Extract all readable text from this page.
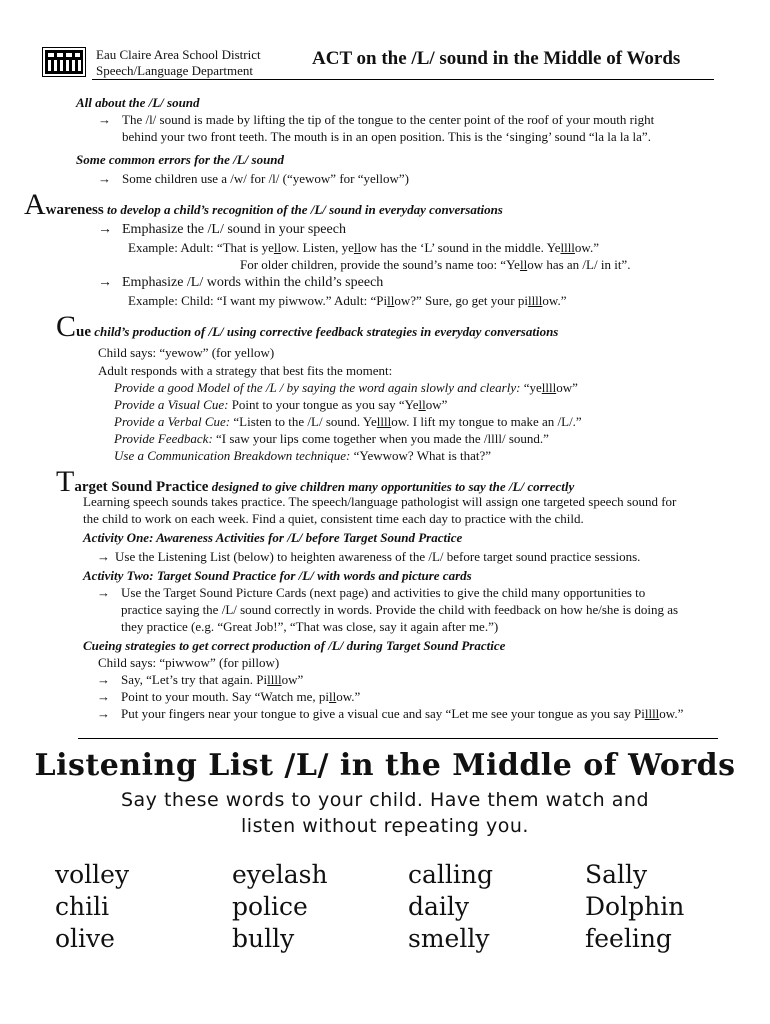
Eau Claire Area School District
Speech/Language Department
ACT on the /L/ sound in the Middle of Words
All about the /L/ sound
→ The /l/ sound is made by lifting the tip of the tongue to the center point of the roof of your mouth right
behind your two front teeth. The mouth is in an open position. This is the ‘singing’ sound “la la la la”.
Some common errors for the /L/ sound
→ Some children use a /w/ for /l/ (“yewow” for “yellow”)
Awareness to develop a child’s recognition of the /L/ sound in everyday conversations
→ Emphasize the /L/ sound in your speech
Example: Adult: “That is yellow. Listen, yellow has the ‘L’ sound in the middle. Yellllow.”
For older children, provide the sound’s name too: “Yellow has an /L/ in it”.
→ Emphasize /L/ words within the child’s speech
Example: Child: “I want my piwwow.” Adult: “Pillow?” Sure, go get your pillllow.”
Cue child’s production of /L/ using corrective feedback strategies in everyday conversations
Child says: “yewow” (for yellow)
Adult responds with a strategy that best fits the moment:
Provide a good Model of the /L / by saying the word again slowly and clearly: “yellllow”
Provide a Visual Cue: Point to your tongue as you say “Yellow”
Provide a Verbal Cue: “Listen to the /L/ sound. Yellllow. I lift my tongue to make an /L/.”
Provide Feedback: “I saw your lips come together when you made the /llll/ sound.”
Use a Communication Breakdown technique: “Yewwow? What is that?”
Target Sound Practice designed to give children many opportunities to say the /L/ correctly
Learning speech sounds takes practice. The speech/language pathologist will assign one targeted speech sound for
the child to work on each week. Find a quiet, consistent time each day to practice with the child.
Activity One: Awareness Activities for /L/ before Target Sound Practice
→ Use the Listening List (below) to heighten awareness of the /L/ before target sound practice sessions.
Activity Two: Target Sound Practice for /L/ with words and picture cards
→ Use the Target Sound Picture Cards (next page) and activities to give the child many opportunities to
practice saying the /L/ sound correctly in words. Provide the child with feedback on how he/she is doing as
they practice (e.g. “Great Job!”, “That was close, say it again after me.”)
Cueing strategies to get correct production of /L/ during Target Sound Practice
Child says: “piwwow” (for pillow)
→ Say, “Let’s try that again. Pillllow”
→ Point to your mouth. Say “Watch me, pillow.”
→ Put your fingers near your tongue to give a visual cue and say “Let me see your tongue as you say Pillllow.”
Listening List /L/ in the Middle of Words
Say these words to your child. Have them watch and
listen without repeating you.
volley
chili
olive
eyelash
police
bully
calling
daily
smelly
Sally
Dolphin
feeling
